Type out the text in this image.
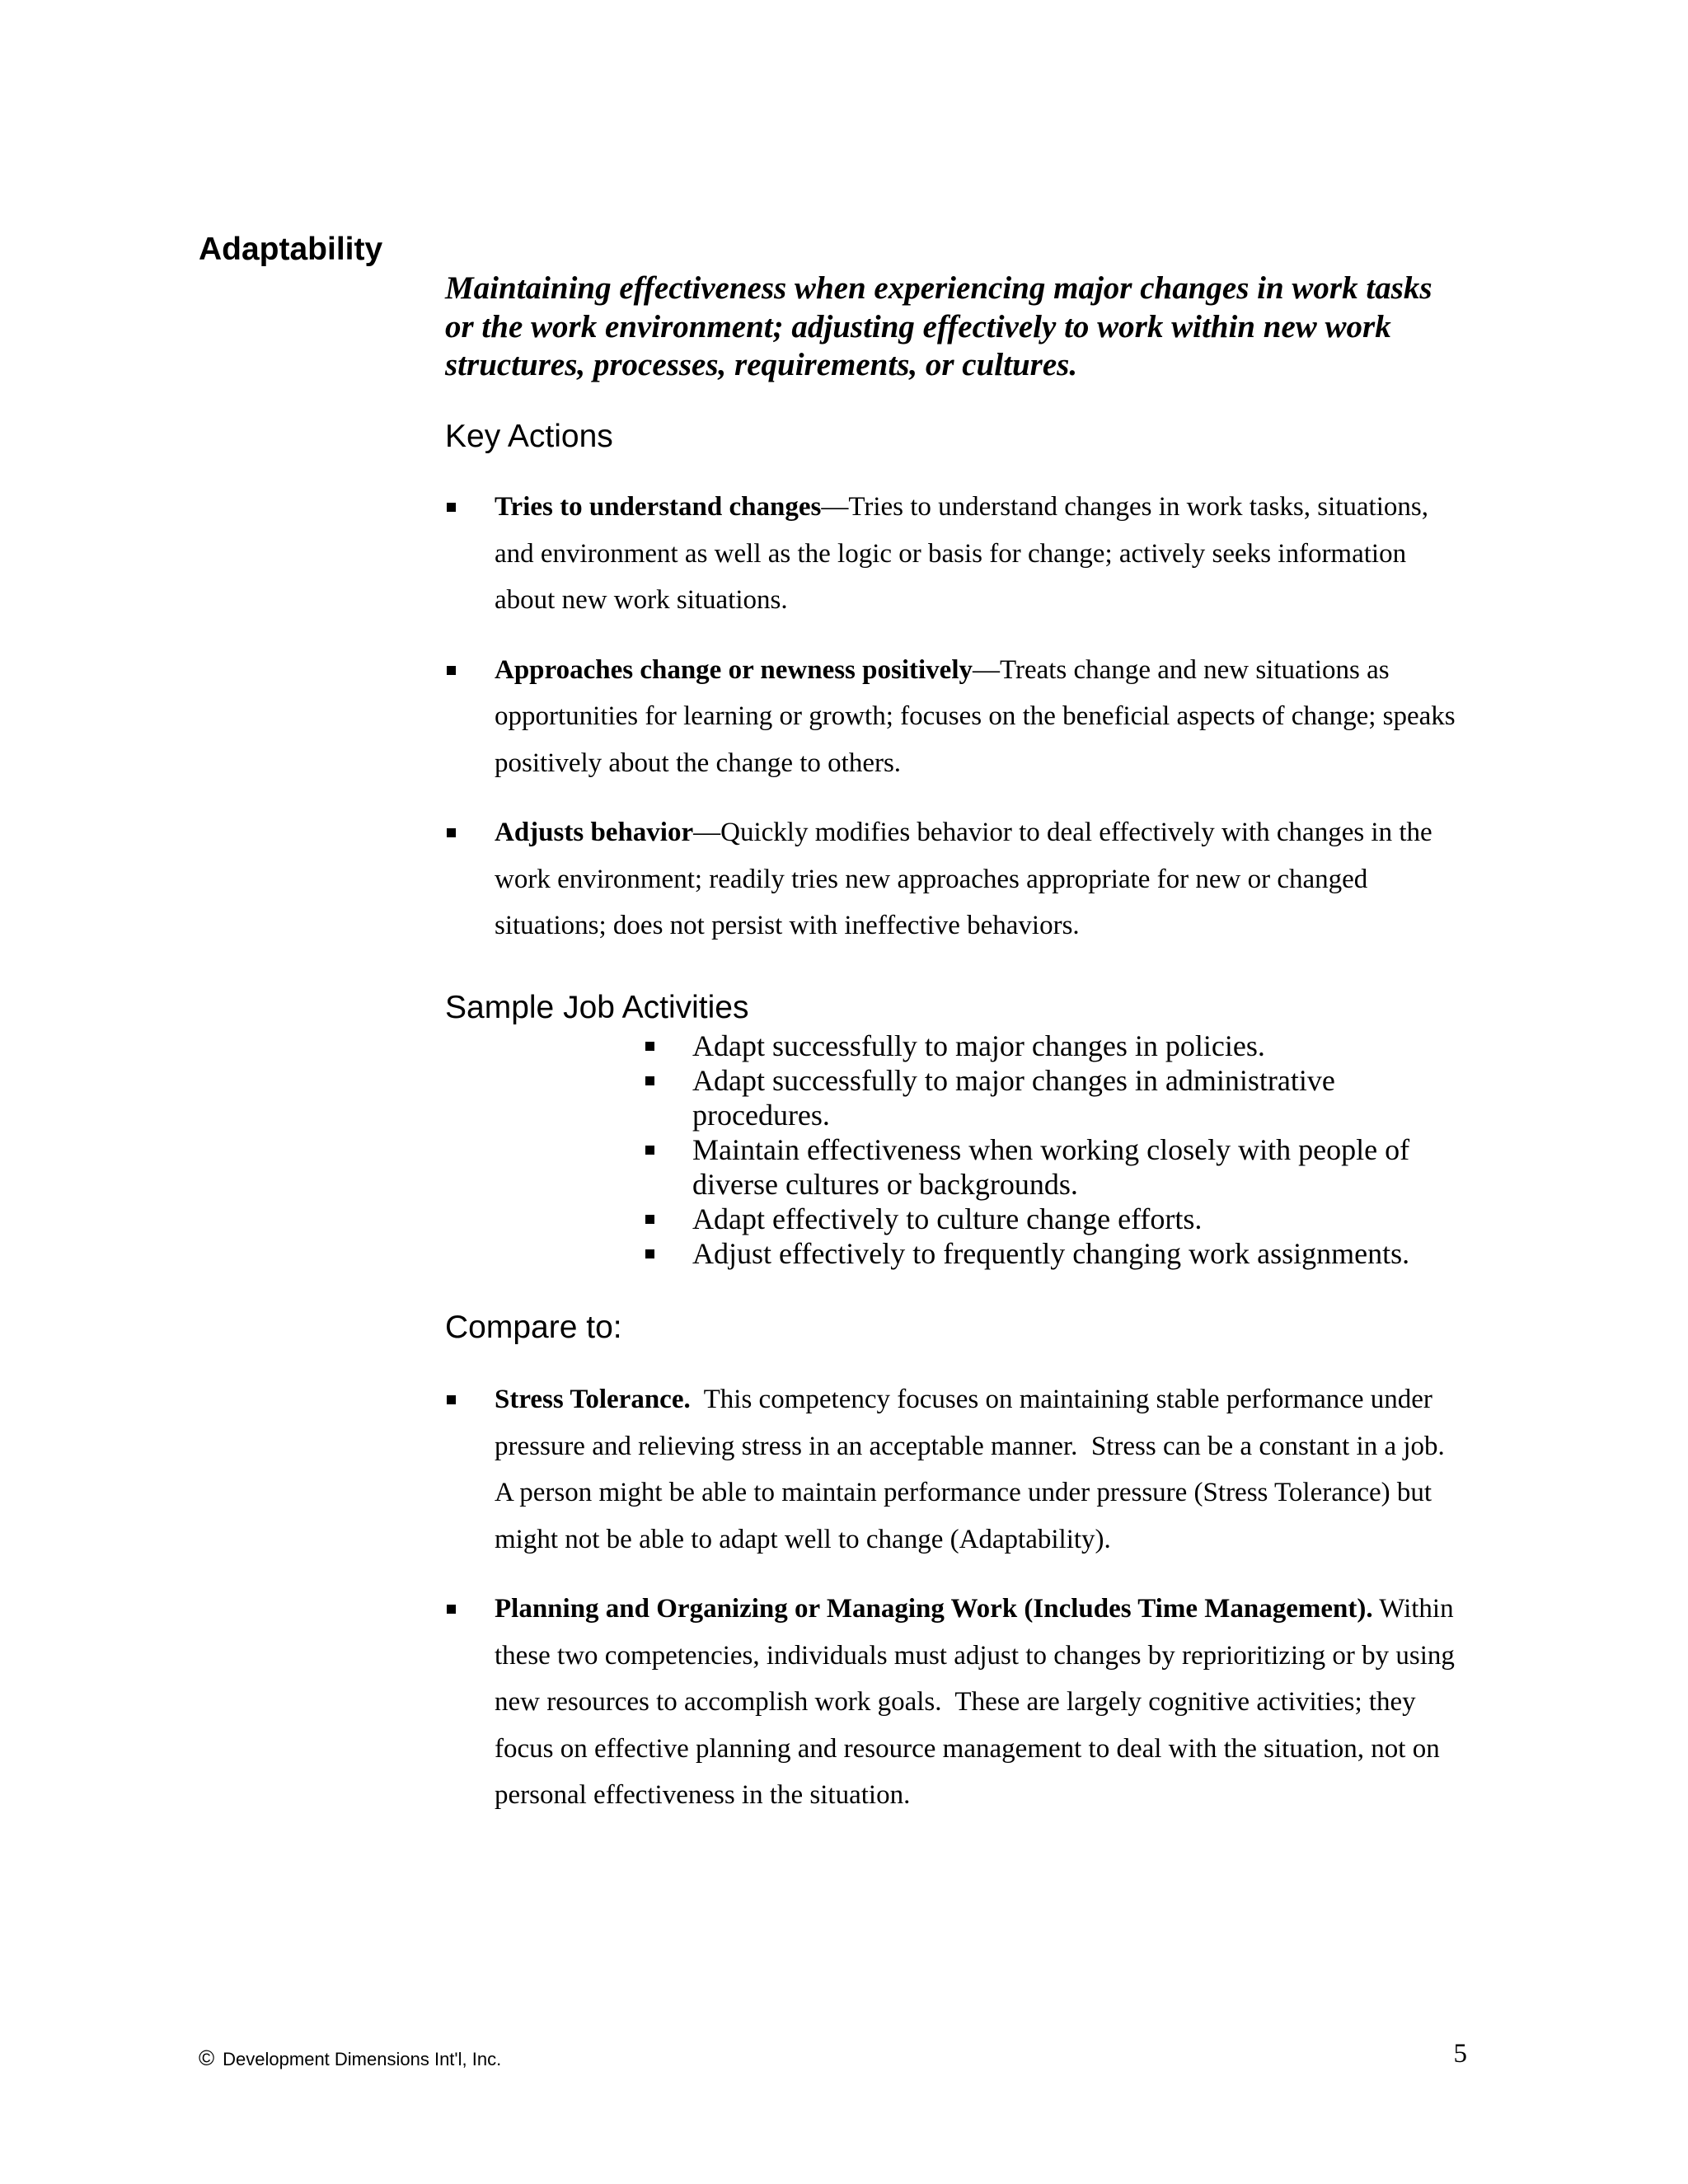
Adaptability

Maintaining effectiveness when experiencing major changes in work tasks or the work environment; adjusting effectively to work within new work structures, processes, requirements, or cultures.

Key Actions
Tries to understand changes—Tries to understand changes in work tasks, situations, and environment as well as the logic or basis for change; actively seeks information about new work situations.
Approaches change or newness positively—Treats change and new situations as opportunities for learning or growth; focuses on the beneficial aspects of change; speaks positively about the change to others.
Adjusts behavior—Quickly modifies behavior to deal effectively with changes in the work environment; readily tries new approaches appropriate for new or changed situations; does not persist with ineffective behaviors.
Sample Job Activities
Adapt successfully to major changes in policies.
Adapt successfully to major changes in administrative procedures.
Maintain effectiveness when working closely with people of diverse cultures or backgrounds.
Adapt effectively to culture change efforts.
Adjust effectively to frequently changing work assignments.
Compare to:
Stress Tolerance.  This competency focuses on maintaining stable performance under pressure and relieving stress in an acceptable manner.  Stress can be a constant in a job.  A person might be able to maintain performance under pressure (Stress Tolerance) but might not be able to adapt well to change (Adaptability).
Planning and Organizing or Managing Work (Includes Time Management). Within these two competencies, individuals must adjust to changes by reprioritizing or by using new resources to accomplish work goals.  These are largely cognitive activities; they focus on effective planning and resource management to deal with the situation, not on personal effectiveness in the situation.
© Development Dimensions Int'l, Inc.	5
